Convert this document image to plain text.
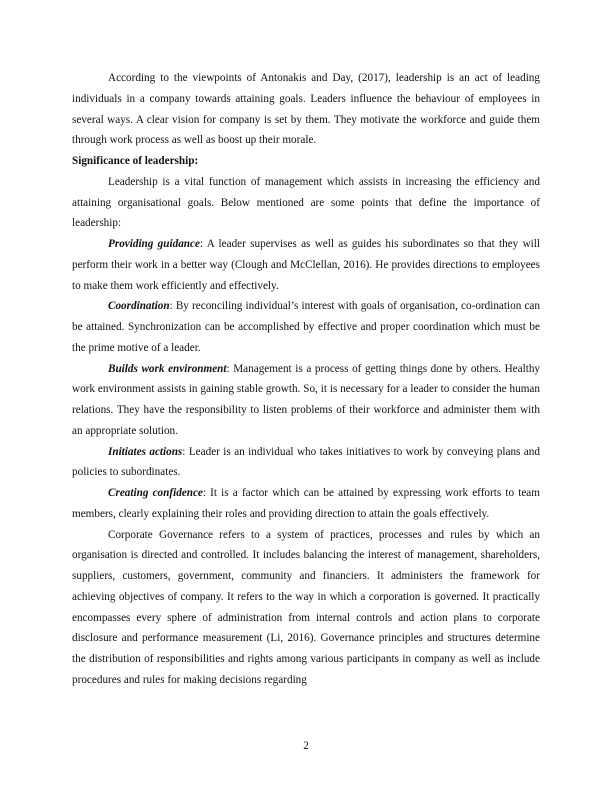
According to the viewpoints of Antonakis and Day, (2017), leadership is an act of leading individuals in a company towards attaining goals. Leaders influence the behaviour of employees in several ways. A clear vision for company is set by them. They motivate the workforce and guide them through work process as well as boost up their morale.

Significance of leadership:

Leadership is a vital function of management which assists in increasing the efficiency and attaining organisational goals. Below mentioned are some points that define the importance of leadership:

Providing guidance: A leader supervises as well as guides his subordinates so that they will perform their work in a better way (Clough and McClellan, 2016). He provides directions to employees to make them work efficiently and effectively.

Coordination: By reconciling individual’s interest with goals of organisation, co-ordination can be attained. Synchronization can be accomplished by effective and proper coordination which must be the prime motive of a leader.

Builds work environment: Management is a process of getting things done by others. Healthy work environment assists in gaining stable growth. So, it is necessary for a leader to consider the human relations. They have the responsibility to listen problems of their workforce and administer them with an appropriate solution.

Initiates actions: Leader is an individual who takes initiatives to work by conveying plans and policies to subordinates.

Creating confidence: It is a factor which can be attained by expressing work efforts to team members, clearly explaining their roles and providing direction to attain the goals effectively.

Corporate Governance refers to a system of practices, processes and rules by which an organisation is directed and controlled. It includes balancing the interest of management, shareholders, suppliers, customers, government, community and financiers. It administers the framework for achieving objectives of company. It refers to the way in which a corporation is governed. It practically encompasses every sphere of administration from internal controls and action plans to corporate disclosure and performance measurement (Li, 2016). Governance principles and structures determine the distribution of responsibilities and rights among various participants in company as well as include procedures and rules for making decisions regarding

2
